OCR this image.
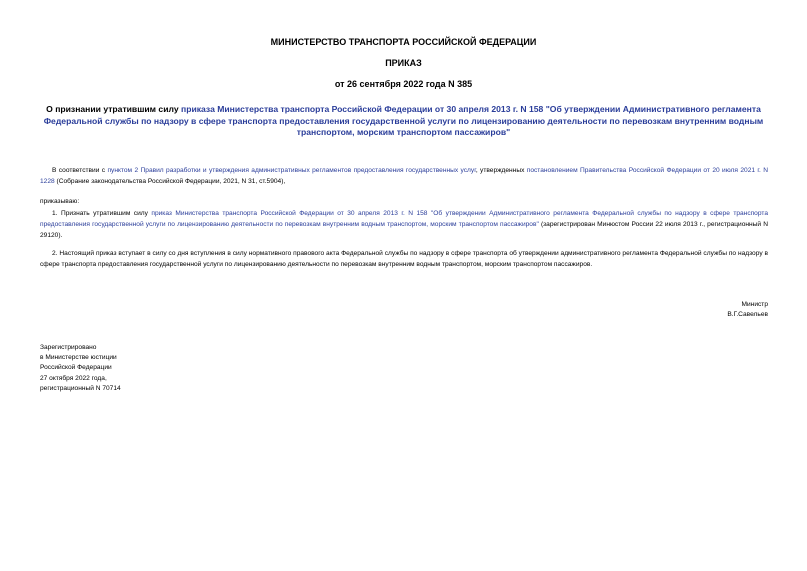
МИНИСТЕРСТВО ТРАНСПОРТА РОССИЙСКОЙ ФЕДЕРАЦИИ

ПРИКАЗ

от 26 сентября 2022 года N 385

О признании утратившим силу приказа Министерства транспорта Российской Федерации от 30 апреля 2013 г. N 158 "Об утверждении Административного регламента Федеральной службы по надзору в сфере транспорта предоставления государственной услуги по лицензированию деятельности по перевозкам внутренним водным транспортом, морским транспортом пассажиров"

В соответствии с пунктом 2 Правил разработки и утверждения административных регламентов предоставления государственных услуг, утвержденных постановлением Правительства Российской Федерации от 20 июля 2021 г. N 1228 (Собрание законодательства Российской Федерации, 2021, N 31, ст.5904),

приказываю:

1. Признать утратившим силу приказ Министерства транспорта Российской Федерации от 30 апреля 2013 г. N 158 "Об утверждении Административного регламента Федеральной службы по надзору в сфере транспорта предоставления государственной услуги по лицензированию деятельности по перевозкам внутренним водным транспортом, морским транспортом пассажиров" (зарегистрирован Минюстом России 22 июля 2013 г., регистрационный N 29120).

2. Настоящий приказ вступает в силу со дня вступления в силу нормативного правового акта Федеральной службы по надзору в сфере транспорта об утверждении административного регламента Федеральной службы по надзору в сфере транспорта предоставления государственной услуги по лицензированию деятельности по перевозкам внутренним водным транспортом, морским транспортом пассажиров.

Министр
В.Г.Савельев
Зарегистрировано
в Министерстве юстиции
Российской Федерации
27 октября 2022 года,
регистрационный N 70714
